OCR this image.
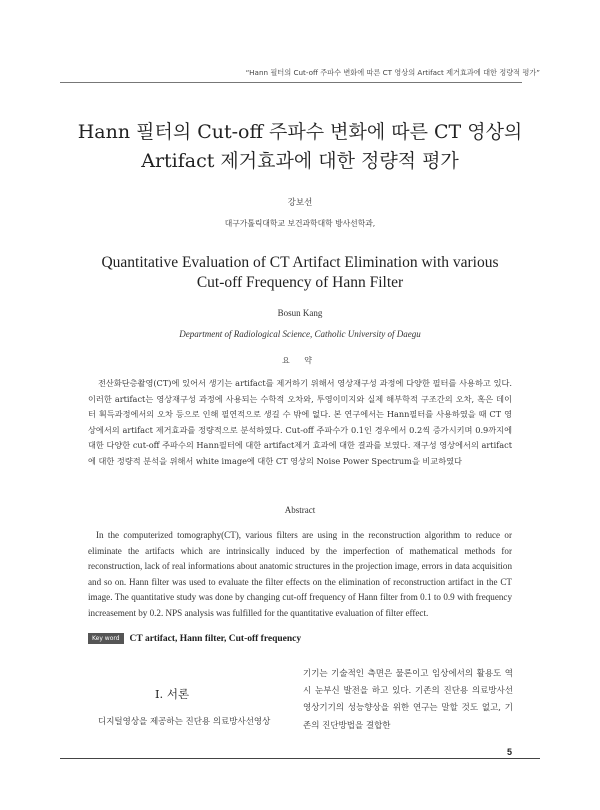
“Hann 필터의 Cut-off 주파수 변화에 따른 CT 영상의 Artifact 제거효과에 대한 정량적 평가”
Hann 필터의 Cut-off 주파수 변화에 따른 CT 영상의
Artifact 제거효과에 대한 정량적 평가
강보선
대구가톨릭대학교 보건과학대학 방사선학과,
Quantitative Evaluation of CT Artifact Elimination with various
Cut-off Frequency of Hann Filter
Bosun Kang
Department of Radiological Science, Catholic University of Daegu
요 약
전산화단층촬영(CT)에 있어서 생기는 artifact를 제거하기 위해서 영상재구성 과정에 다양한 필터를 사용하고 있다. 이러한 artifact는 영상재구성 과정에 사용되는 수학적 오차와, 투영이미지와 실제 해부학적 구조간의 오차, 혹은 데이터 획득과정에서의 오차 등으로 인해 필연적으로 생길 수 밖에 없다. 본 연구에서는 Hann필터를 사용하였을 때 CT 영상에서의 artifact 제거효과를 정량적으로 분석하였다. Cut-off 주파수가 0.1인 경우에서 0.2씩 증가시키며 0.9까지에 대한 다양한 cut-off 주파수의 Hann필터에 대한 artifact제거 효과에 대한 결과를 보였다. 재구성 영상에서의 artifact에 대한 정량적 분석을 위해서 white image에 대한 CT 영상의 Noise Power Spectrum을 비교하였다
Abstract
In the computerized tomography(CT), various filters are using in the reconstruction algorithm to reduce or eliminate the artifacts which are intrinsically induced by the imperfection of mathematical methods for reconstruction, lack of real informations about anatomic structures in the projection image, errors in data acquisition and so on. Hann filter was used to evaluate the filter effects on the elimination of reconstruction artifact in the CT image. The quantitative study was done by changing cut-off frequency of Hann filter from 0.1 to 0.9 with frequency increasement by 0.2. NPS analysis was fulfilled for the quantitative evaluation of filter effect.
Key word	CT artifact, Hann filter, Cut-off frequency
I. 서론
디지털영상을 제공하는 진단용 의료방사선영상

기기는 기술적인 측면은 물론이고 임상에서의 활용도 역시 눈부신 발전을 하고 있다. 기존의 진단용 의료방사선영상기기의 성능향상을 위한 연구는 말할 것도 없고, 기존의 진단방법을 결합한

5
